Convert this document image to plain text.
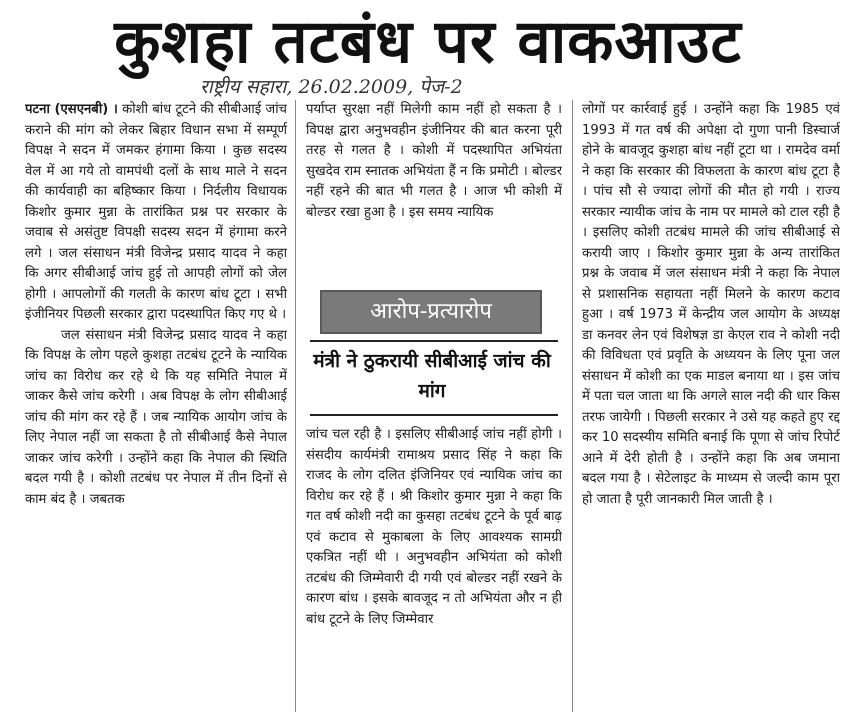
कुशहा तटबंध पर वाकआउट
राष्ट्रीय सहारा, 26.02.2009, पेज-2

पटना (एसएनबी) । कोशी बांध टूटने की सीबीआई जांच कराने की मांग को लेकर बिहार विधान सभा में सम्पूर्ण विपक्ष ने सदन में जमकर हंगामा किया । कुछ सदस्य वेल में आ गये तो वामपंथी दलों के साथ माले ने सदन की कार्यवाही का बहिष्कार किया । निर्दलीय विधायक किशोर कुमार मुन्ना के तारांकित प्रश्न पर सरकार के जवाब से असंतुष्ट विपक्षी सदस्य सदन में हंगामा करने लगे । जल संसाधन मंत्री विजेन्द्र प्रसाद यादव ने कहा कि अगर सीबीआई जांच हुई तो आपही लोगों को जेल होगी । आपलोगों की गलती के कारण बांध टूटा । सभी इंजीनियर पिछली सरकार द्वारा पदस्थापित किए गए थे ।

जल संसाधन मंत्री विजेन्द्र प्रसाद यादव ने कहा कि विपक्ष के लोग पहले कुशहा तटबंध टूटने के न्यायिक जांच का विरोध कर रहे थे कि यह समिति नेपाल में जाकर कैसे जांच करेगी । अब विपक्ष के लोग सीबीआई जांच की मांग कर रहे हैं । जब न्यायिक आयोग जांच के लिए नेपाल नहीं जा सकता है तो सीबीआई कैसे नेपाल जाकर जांच करेगी । उन्होंने कहा कि नेपाल की स्थिति बदल गयी है । कोशी तटबंध पर नेपाल में तीन दिनों से काम बंद है । जबतक

पर्याप्त सुरक्षा नहीं मिलेगी काम नहीं हो सकता है । विपक्ष द्वारा अनुभवहीन इंजीनियर की बात करना पूरी तरह से गलत है । कोशी में पदस्थापित अभियंता सुखदेव राम स्नातक अभियंता हैं न कि प्रमोटी । बोल्डर नहीं रहने की बात भी गलत है । आज भी कोशी में बोल्डर रखा हुआ है । इस समय न्यायिक

आरोप-प्रत्यारोप
मंत्री ने ठुकरायी सीबीआई जांच की मांग

जांच चल रही है । इसलिए सीबीआई जांच नहीं होगी । संसदीय कार्यमंत्री रामाश्रय प्रसाद सिंह ने कहा कि राजद के लोग दलित इंजिनियर एवं न्यायिक जांच का विरोध कर रहे हैं । श्री किशोर कुमार मुन्ना ने कहा कि गत वर्ष कोशी नदी का कुसहा तटबंध टूटने के पूर्व बाढ़ एवं कटाव से मुकाबला के लिए आवश्यक सामग्री एकत्रित नहीं थी । अनुभवहीन अभियंता को कोशी तटबंध की जिम्मेवारी दी गयी एवं बोल्डर नहीं रखने के कारण बांध । इसके बावजूद न तो अभियंता और न ही बांध टूटने के लिए जिम्मेवार

लोगों पर कार्रवाई हुई । उन्होंने कहा कि 1985 एवं 1993 में गत वर्ष की अपेक्षा दो गुणा पानी डिस्चार्ज होने के बावजूद कुशहा बांध नहीं टूटा था । रामदेव वर्मा ने कहा कि सरकार की विफलता के कारण बांध टूटा है । पांच सौ से ज्यादा लोगों की मौत हो गयी । राज्य सरकार न्यायीक जांच के नाम पर मामले को टाल रही है । इसलिए कोशी तटबंध मामले की जांच सीबीआई से करायी जाए । किशोर कुमार मुन्ना के अन्य तारांकित प्रश्न के जवाब में जल संसाधन मंत्री ने कहा कि नेपाल से प्रशासनिक सहायता नहीं मिलने के कारण कटाव हुआ । वर्ष 1973 में केन्द्रीय जल आयोग के अध्यक्ष डा कनवर लेन एवं विशेषज्ञ डा केएल राव ने कोशी नदी की विविधता एवं प्रवृति के अध्ययन के लिए पूना जल संसाधन में कोशी का एक माडल बनाया था । इस जांच में पता चल जाता था कि अगले साल नदी की धार किस तरफ जायेगी । पिछली सरकार ने उसे यह कहते हुए रद्द कर 10 सदस्यीय समिति बनाई कि पूणा से जांच रिपोर्ट आने में देरी होती है । उन्होंने कहा कि अब जमाना बदल गया है । सेटेलाइट के माध्यम से जल्दी काम पूरा हो जाता है पूरी जानकारी मिल जाती है ।
